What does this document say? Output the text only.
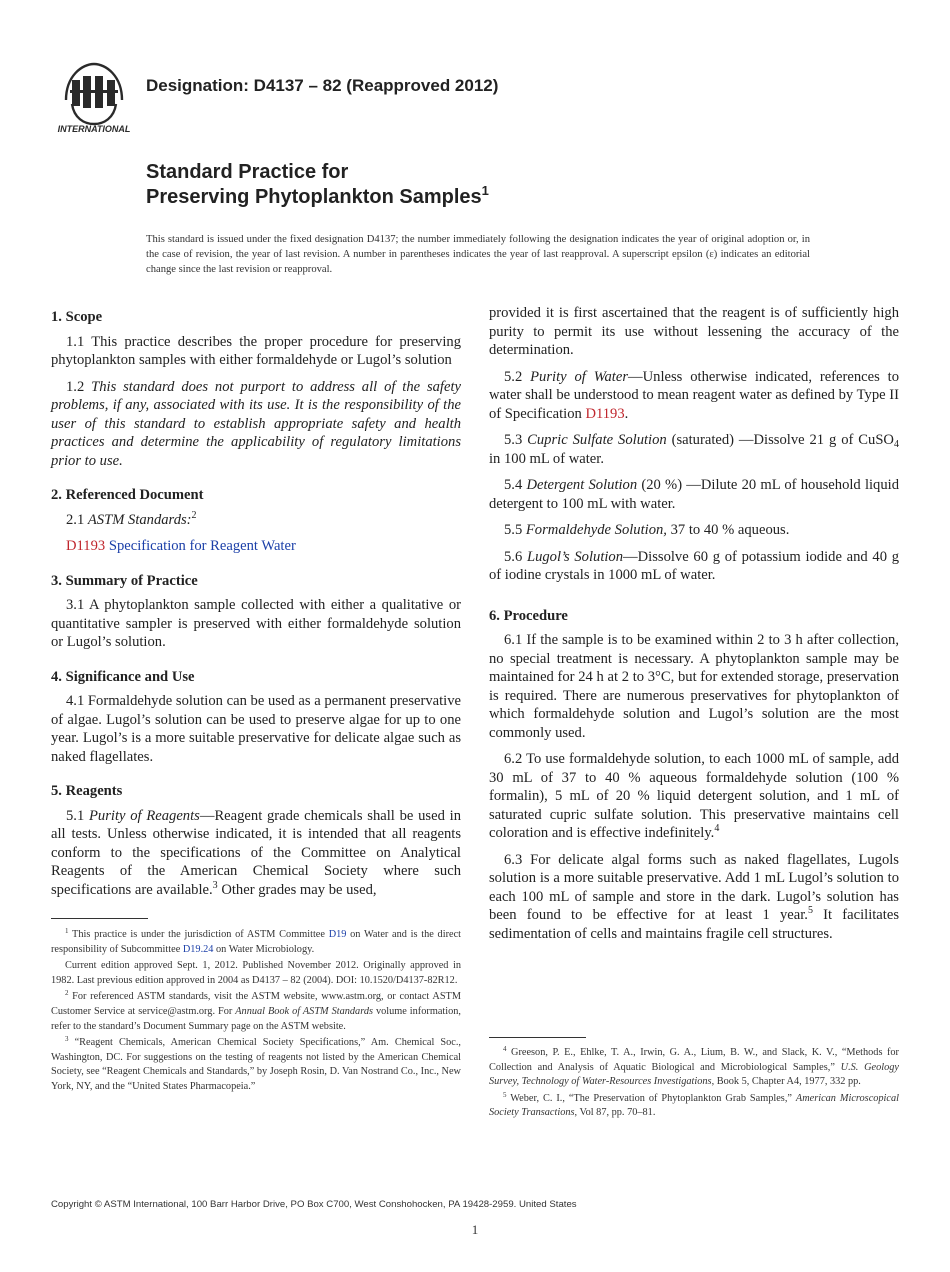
INTERNATIONAL
Designation: D4137 – 82 (Reapproved 2012)
Standard Practice for
Preserving Phytoplankton Samples$^1$
This standard is issued under the fixed designation D4137; the number immediately following the designation indicates the year of original adoption or, in the case of revision, the year of last revision. A number in parentheses indicates the year of last reapproval. A superscript epsilon (ε) indicates an editorial change since the last revision or reapproval.
1. Scope

1.1 This practice describes the proper procedure for preserving phytoplankton samples with either formaldehyde or Lugol’s solution

1.2 This standard does not purport to address all of the safety problems, if any, associated with its use. It is the responsibility of the user of this standard to establish appropriate safety and health practices and determine the applicability of regulatory limitations prior to use.

2. Referenced Document
2.1 ASTM Standards:$^2$
D1193 Specification for Reagent Water
3. Summary of Practice

3.1 A phytoplankton sample collected with either a qualitative or quantitative sampler is preserved with either formaldehyde solution or Lugol’s solution.

4. Significance and Use

4.1 Formaldehyde solution can be used as a permanent preservative of algae. Lugol’s solution can be used to preserve algae for up to one year. Lugol’s is a more suitable preservative for delicate algae such as naked flagellates.

5. Reagents

5.1 Purity of Reagents—Reagent grade chemicals shall be used in all tests. Unless otherwise indicated, it is intended that all reagents conform to the specifications of the Committee on Analytical Reagents of the American Chemical Society where such specifications are available.$^3$ Other grades may be used,

$^1$ This practice is under the jurisdiction of ASTM Committee D19 on Water and is the direct responsibility of Subcommittee D19.24 on Water Microbiology.

Current edition approved Sept. 1, 2012. Published November 2012. Originally approved in 1982. Last previous edition approved in 2004 as D4137 – 82 (2004). DOI: 10.1520/D4137-82R12.

$^2$ For referenced ASTM standards, visit the ASTM website, www.astm.org, or contact ASTM Customer Service at service@astm.org. For Annual Book of ASTM Standards volume information, refer to the standard’s Document Summary page on the ASTM website.

$^3$ “Reagent Chemicals, American Chemical Society Specifications,” Am. Chemical Soc., Washington, DC. For suggestions on the testing of reagents not listed by the American Chemical Society, see “Reagent Chemicals and Standards,” by Joseph Rosin, D. Van Nostrand Co., Inc., New York, NY, and the “United States Pharmacopeia.”

provided it is first ascertained that the reagent is of sufficiently high purity to permit its use without lessening the accuracy of the determination.

5.2 Purity of Water—Unless otherwise indicated, references to water shall be understood to mean reagent water as defined by Type II of Specification D1193.

5.3 Cupric Sulfate Solution (saturated) —Dissolve 21 g of CuSO$_4$ in 100 mL of water.

5.4 Detergent Solution (20 %) —Dilute 20 mL of household liquid detergent to 100 mL with water.

5.5 Formaldehyde Solution, 37 to 40 % aqueous.

5.6 Lugol’s Solution—Dissolve 60 g of potassium iodide and 40 g of iodine crystals in 1000 mL of water.

6. Procedure

6.1 If the sample is to be examined within 2 to 3 h after collection, no special treatment is necessary. A phytoplankton sample may be maintained for 24 h at 2 to 3°C, but for extended storage, preservation is required. There are numerous preservatives for phytoplankton of which formaldehyde solution and Lugol’s solution are the most commonly used.

6.2 To use formaldehyde solution, to each 1000 mL of sample, add 30 mL of 37 to 40 % aqueous formaldehyde solution (100 % formalin), 5 mL of 20 % liquid detergent solution, and 1 mL of saturated cupric sulfate solution. This preservative maintains cell coloration and is effective indefinitely.$^4$

6.3 For delicate algal forms such as naked flagellates, Lugols solution is a more suitable preservative. Add 1 mL Lugol’s solution to each 100 mL of sample and store in the dark. Lugol’s solution has been found to be effective for at least 1 year.$^5$ It facilitates sedimentation of cells and maintains fragile cell structures.

$^4$ Greeson, P. E., Ehlke, T. A., Irwin, G. A., Lium, B. W., and Slack, K. V., “Methods for Collection and Analysis of Aquatic Biological and Microbiological Samples,” U.S. Geology Survey, Technology of Water-Resources Investigations, Book 5, Chapter A4, 1977, 332 pp.

$^5$ Weber, C. I., “The Preservation of Phytoplankton Grab Samples,” American Microscopical Society Transactions, Vol 87, pp. 70–81.

Copyright © ASTM International, 100 Barr Harbor Drive, PO Box C700, West Conshohocken, PA 19428-2959. United States
1
